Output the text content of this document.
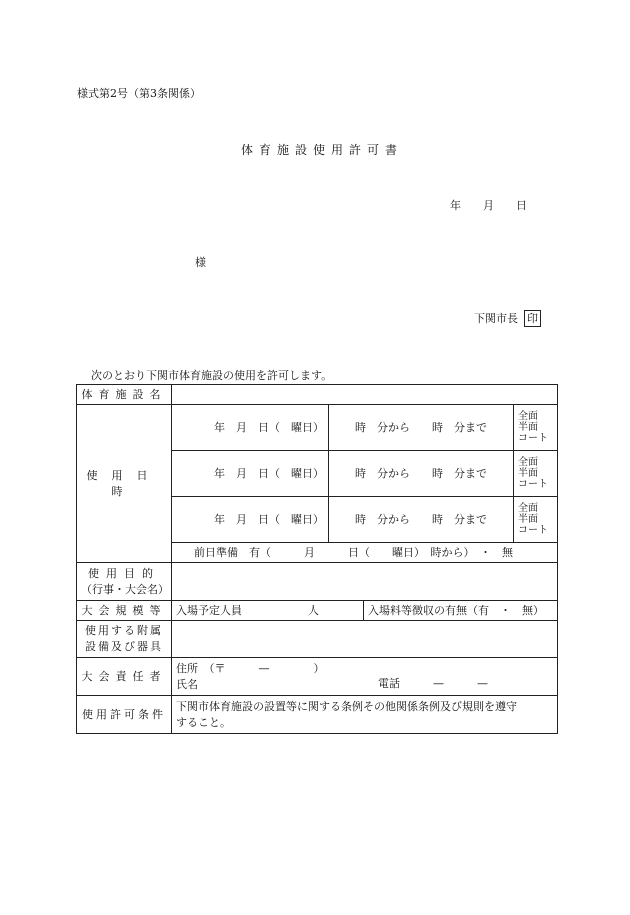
様式第2号（第3条関係）
体育施設使用許可書
年　　月　　日
様
下関市長 印
次のとおり下関市体育施設の使用を許可します。
体育施設名				
使用日時	年　月　日（　曜日）	時　分から　　時　分まで		全面
半面
コート

	年　月　日（　曜日）	時　分から　　時　分まで		全面
半面
コート

	年　月　日（　曜日）	時　分から　　時　分まで		全面
半面
コート

	前日準備　有（　　　月　　　日（　　曜日）　時から）　・　無			

使用目的
（行事・大会名）				

大会規模等	入場予定人員　　　　　　人		入場料等徴収の有無（有　・　無）	

使用する附属
設備及び器具				

大会責任者	住所　（〒　　　—　　　　）
氏名 電話　　　—　　　—			

使用許可条件	下関市体育施設の設置等に関する条例その他関係条例及び規則を遵守
すること。			
